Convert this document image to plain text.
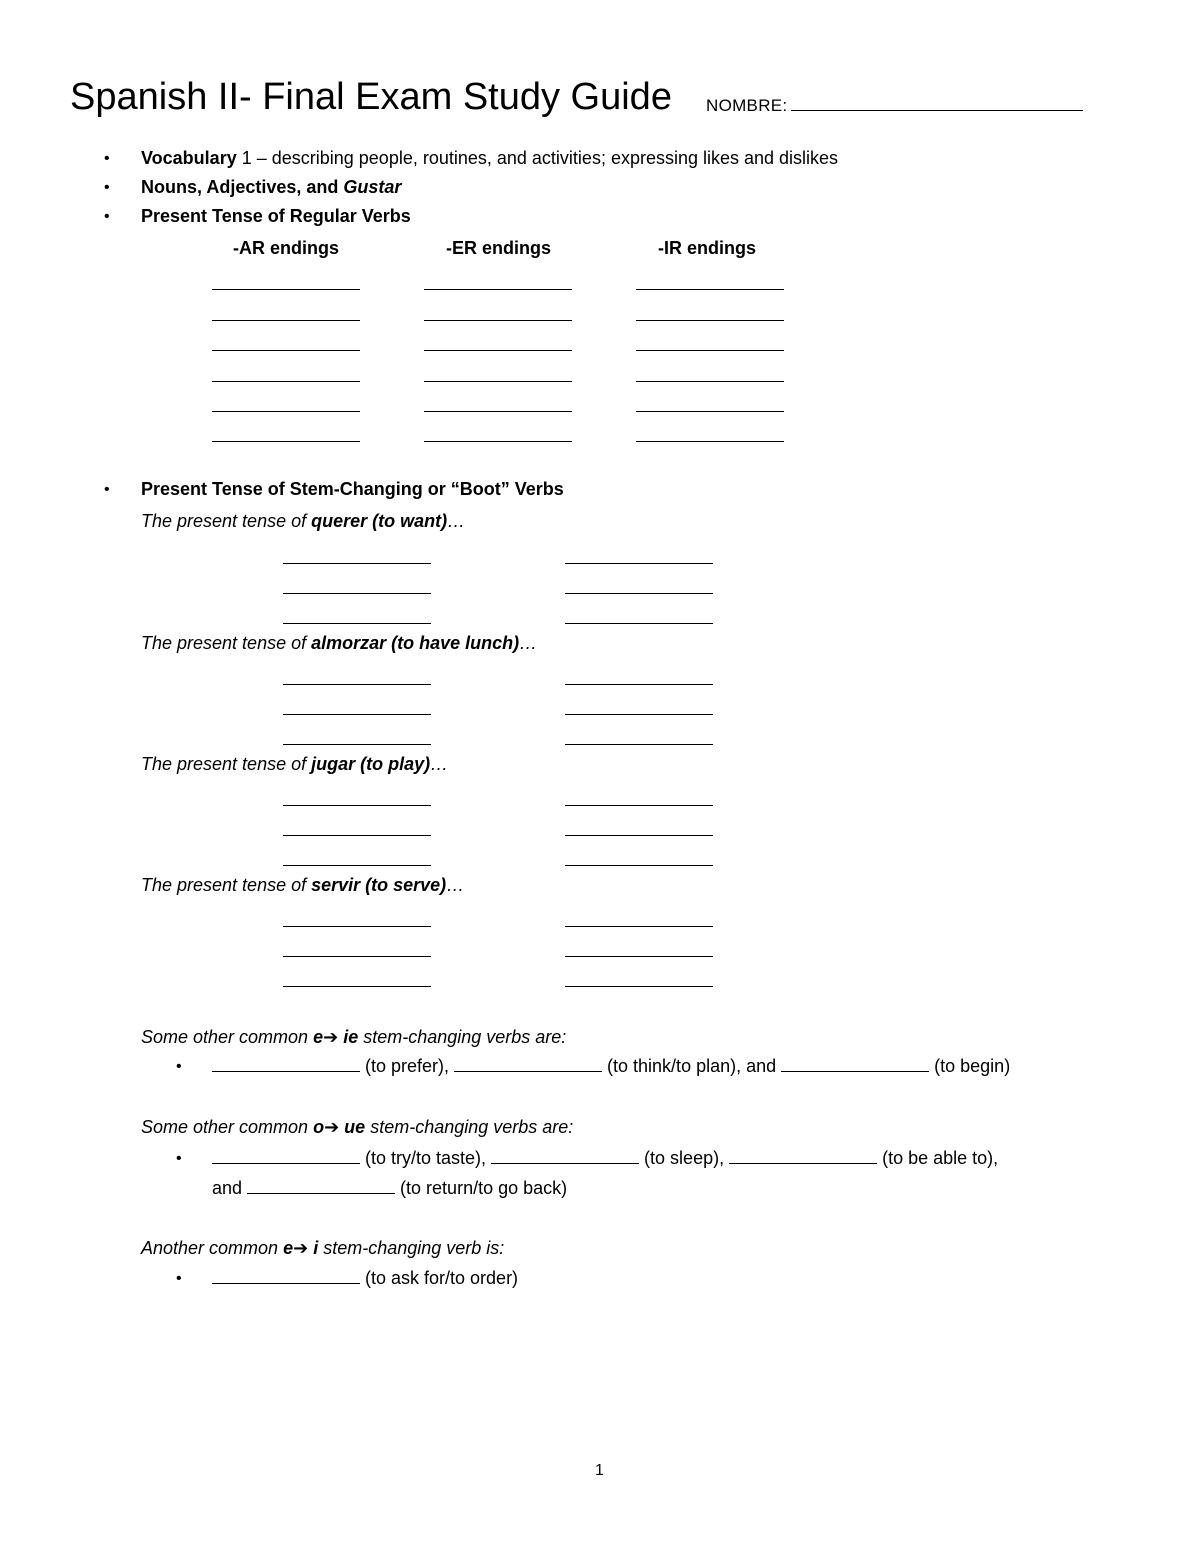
Spanish II- Final Exam Study Guide NOMBRE:
• Vocabulary 1 – describing people, routines, and activities; expressing likes and dislikes
• Nouns, Adjectives, and Gustar
• Present Tense of Regular Verbs
-AR endings	-ER endings	-IR endings
• Present Tense of Stem-Changing or “Boot” Verbs
The present tense of querer (to want)…
The present tense of almorzar (to have lunch)…
The present tense of jugar (to play)…
The present tense of servir (to serve)…
Some other common e➔ ie stem-changing verbs are:
•	(to prefer),	(to think/to plan), and	(to begin)
Some other common o➔ ue stem-changing verbs are:
•	(to try/to taste),	(to sleep),	(to be able to),
and	(to return/to go back)
Another common e➔ i stem-changing verb is:
•	(to ask for/to order)
1
